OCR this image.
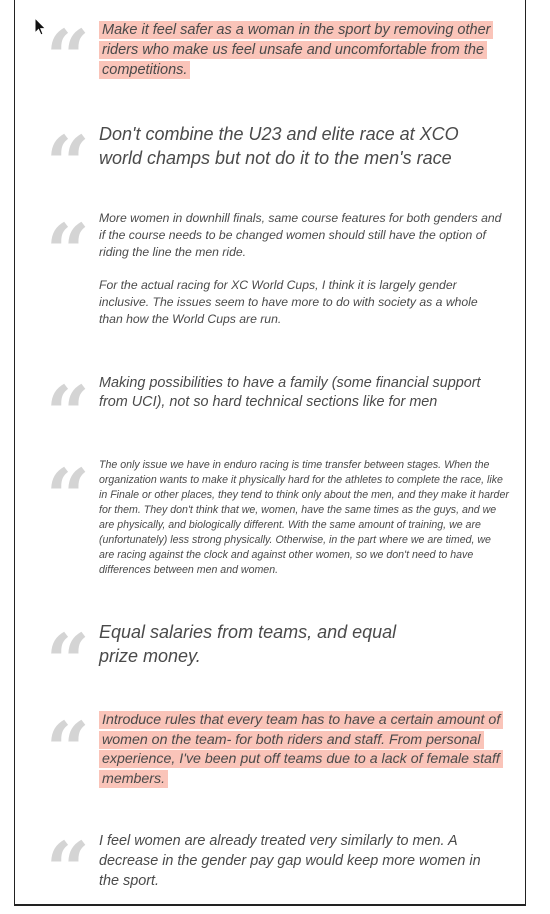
“ Make it feel safer as a woman in the sport by removing other riders who make us feel unsafe and uncomfortable from the competitions.

“ Don't combine the U23 and elite race at XCO world champs but not do it to the men's race

“ More women in downhill finals, same course features for both genders and if the course needs to be changed women should still have the option of riding the line the men ride.

For the actual racing for XC World Cups, I think it is largely gender inclusive. The issues seem to have more to do with society as a whole than how the World Cups are run.

“ Making possibilities to have a family (some financial support from UCI), not so hard technical sections like for men

“ The only issue we have in enduro racing is time transfer between stages. When the organization wants to make it physically hard for the athletes to complete the race, like in Finale or other places, they tend to think only about the men, and they make it harder for them. They don't think that we, women, have the same times as the guys, and we are physically, and biologically different. With the same amount of training, we are (unfortunately) less strong physically. Otherwise, in the part where we are timed, we are racing against the clock and against other women, so we don't need to have differences between men and women.

“ Equal salaries from teams, and equal prize money.

“ Introduce rules that every team has to have a certain amount of women on the team- for both riders and staff. From personal experience, I've been put off teams due to a lack of female staff members.

“ I feel women are already treated very similarly to men. A decrease in the gender pay gap would keep more women in the sport.
